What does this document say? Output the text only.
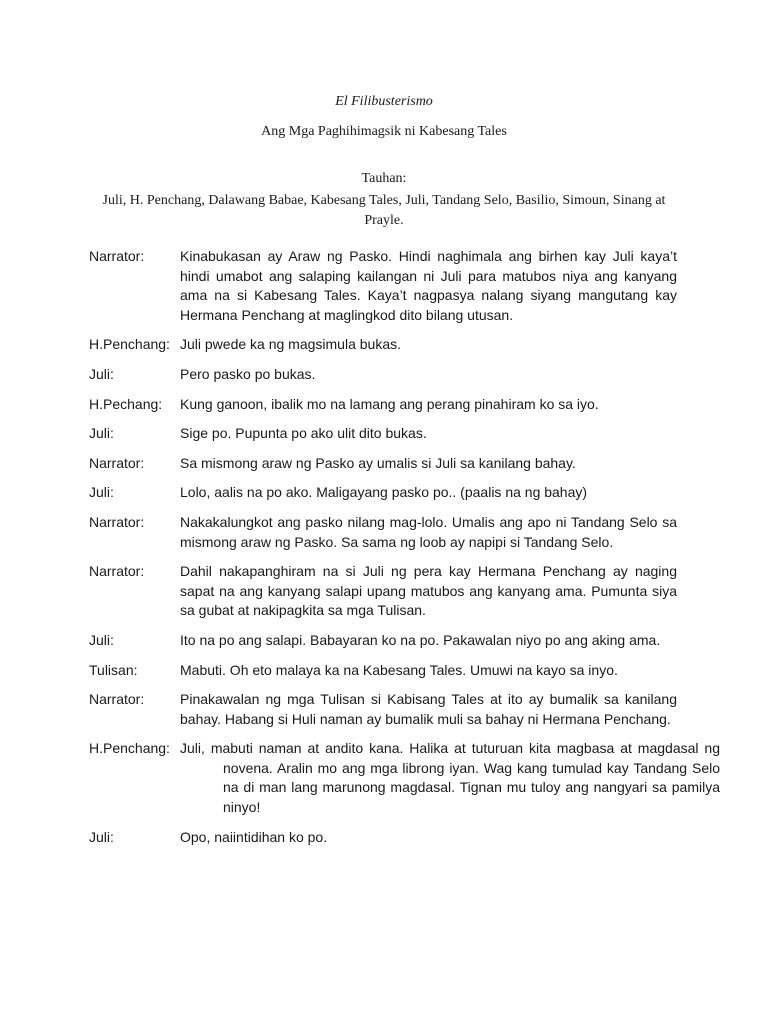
El Filibusterismo
Ang Mga Paghihimagsik ni Kabesang Tales
Tauhan:
Juli, H. Penchang, Dalawang Babae, Kabesang Tales, Juli, Tandang Selo, Basilio, Simoun, Sinang at Prayle.
Narrator:	Kinabukasan ay Araw ng Pasko. Hindi naghimala ang birhen kay Juli kaya’t hindi umabot ang salaping kailangan ni Juli para matubos niya ang kanyang ama na si Kabesang Tales. Kaya’t nagpasya nalang siyang mangutang kay Hermana Penchang at maglingkod dito bilang utusan.
H.Penchang: Juli pwede ka ng magsimula bukas.
Juli:	Pero pasko po bukas.
H.Pechang: Kung ganoon, ibalik mo na lamang ang perang pinahiram ko sa iyo.
Juli:	Sige po. Pupunta po ako ulit dito bukas.
Narrator:	Sa mismong araw ng Pasko ay umalis si Juli sa kanilang bahay.
Juli:	Lolo, aalis na po ako. Maligayang pasko po.. (paalis na ng bahay)
Narrator:	Nakakalungkot ang pasko nilang mag-lolo. Umalis ang apo ni Tandang Selo sa mismong araw ng Pasko. Sa sama ng loob ay napipi si Tandang Selo.
Narrator:	Dahil nakapanghiram na si Juli ng pera kay Hermana Penchang ay naging sapat na ang kanyang salapi upang matubos ang kanyang ama. Pumunta siya sa gubat at nakipagkita sa mga Tulisan.
Juli:	Ito na po ang salapi. Babayaran ko na po. Pakawalan niyo po ang aking ama.
Tulisan:	Mabuti. Oh eto malaya ka na Kabesang Tales. Umuwi na kayo sa inyo.
Narrator:	Pinakawalan ng mga Tulisan si Kabisang Tales at ito ay bumalik sa kanilang bahay. Habang si Huli naman ay bumalik muli sa bahay ni Hermana Penchang.
H.Penchang: Juli, mabuti naman at andito kana. Halika at tuturuan kita magbasa at magdasal ng novena. Aralin mo ang mga librong iyan. Wag kang tumulad kay Tandang Selo na di man lang marunong magdasal. Tignan mu tuloy ang nangyari sa pamilya ninyo!
Juli:	Opo, naiintidihan ko po.
